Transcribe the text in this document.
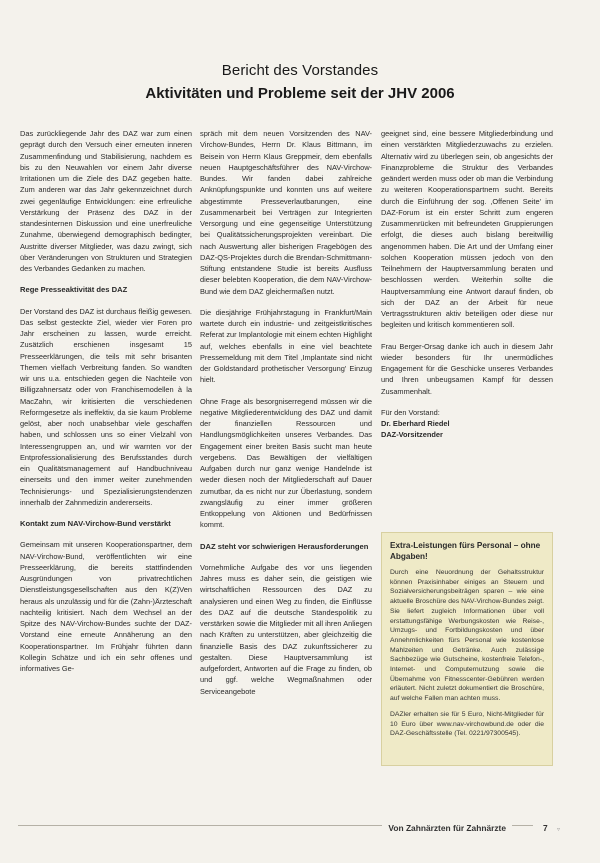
Bericht des Vorstandes
Aktivitäten und Probleme seit der JHV 2006

Das zurückliegende Jahr des DAZ war zum einen geprägt durch den Versuch einer erneuten inneren Zusammenfindung und Stabilisierung, nachdem es bis zu den Neuwahlen vor einem Jahr diverse Irritationen um die Ziele des DAZ gegeben hatte. Zum anderen war das Jahr gekennzeichnet durch zwei gegenläufige Entwicklungen: eine erfreuliche Verstärkung der Präsenz des DAZ in der standesinternen Diskussion und eine unerfreuliche Zunahme, überwiegend demographisch bedingter, Austritte diverser Mitglieder, was dazu zwingt, sich über Veränderungen von Strukturen und Strategien des Verbandes Gedanken zu machen.

Rege Presseaktivität des DAZ

Der Vorstand des DAZ ist durchaus fleißig gewesen. Das selbst gesteckte Ziel, wieder vier Foren pro Jahr erscheinen zu lassen, wurde erreicht. Zusätzlich erschienen insgesamt 15 Presseerklärungen, die teils mit sehr brisanten Themen vielfach Verbreitung fanden. So wandten wir uns u.a. entschieden gegen die Nachteile von Billigzahnersatz oder von Franchisemodellen à la MacZahn, wir kritisierten die verschiedenen Reformgesetze als ineffektiv, da sie kaum Probleme gelöst, aber noch unabsehbar viele geschaffen haben, und schlossen uns so einer Vielzahl von Interessengruppen an, und wir warnten vor der Entprofessionalisierung des Berufsstandes durch ein Qualitätsmanagement auf Handbuchniveau einerseits und den immer weiter zunehmenden Technisierungs- und Spezialisierungstendenzen innerhalb der Zahnmedizin andererseits.

Kontakt zum NAV-Virchow-Bund verstärkt

Gemeinsam mit unseren Kooperationspartner, dem NAV-Virchow-Bund, veröffentlichten wir eine Presseerklärung, die bereits stattfindenden Ausgründungen von privatrechtlichen Dienstleistungsgesellschaften aus den K(Z)Ven heraus als unzulässig und für die (Zahn-)Ärzteschaft nachteilig kritisiert. Nach dem Wechsel an der Spitze des NAV-Virchow-Bundes suchte der DAZ-Vorstand eine erneute Annäherung an den Kooperationspartner. Im Frühjahr führten dann Kollegin Schätze und ich ein sehr offenes und informatives Ge-

spräch mit dem neuen Vorsitzenden des NAV-Virchow-Bundes, Herrn Dr. Klaus Bittmann, im Beisein von Herrn Klaus Greppmeir, dem ebenfalls neuen Hauptgeschäftsführer des NAV-Virchow-Bundes. Wir fanden dabei zahlreiche Anknüpfungspunkte und konnten uns auf weitere abgestimmte Presseverlautbarungen, eine Zusammenarbeit bei Verträgen zur Integrierten Versorgung und eine gegenseitige Unterstützung bei Qualitätssicherungsprojekten vereinbart. Die nach Auswertung aller bisherigen Fragebögen des DAZ-QS-Projektes durch die Brendan-Schmittmann-Stiftung entstandene Studie ist bereits Ausfluss dieser belebten Kooperation, die dem NAV-Virchow-Bund wie dem DAZ gleichermaßen nutzt.

Die diesjährige Frühjahrstagung in Frankfurt/Main wartete durch ein industrie- und zeitgeistkritisches Referat zur Implantologie mit einem echten Highlight auf, welches ebenfalls in eine viel beachtete Pressemeldung mit dem Titel ‚Implantate sind nicht der Goldstandard prothetischer Versorgung' Einzug hielt.

Ohne Frage als besorgniserregend müssen wir die negative Mitgliederentwicklung des DAZ und damit der finanziellen Ressourcen und Handlungsmöglichkeiten unseres Verbandes. Das Engagement einer breiten Basis sucht man heute vergebens. Das Bewältigen der vielfältigen Aufgaben durch nur ganz wenige Handelnde ist weder diesen noch der Mitgliederschaft auf Dauer zumutbar, da es nicht nur zur Überlastung, sondern zwangsläufig zu einer immer größeren Entkoppelung von Aktionen und Bedürfnissen kommt.

DAZ steht vor schwierigen Herausforderungen

Vornehmliche Aufgabe des vor uns liegenden Jahres muss es daher sein, die geistigen wie wirtschaftlichen Ressourcen des DAZ zu analysieren und einen Weg zu finden, die Einflüsse des DAZ auf die deutsche Standespolitik zu verstärken sowie die Mitglieder mit all ihren Anliegen nach Kräften zu unterstützen, aber gleichzeitig die finanzielle Basis des DAZ zukunftssicherer zu gestalten. Diese Hauptversammlung ist aufgefordert, Antworten auf die Frage zu finden, ob und ggf. welche Wegmaßnahmen oder Serviceangebote

geeignet sind, eine bessere Mitgliederbindung und einen verstärkten Mitgliederzuwachs zu erzielen. Alternativ wird zu überlegen sein, ob angesichts der Finanzprobleme die Struktur des Verbandes geändert werden muss oder ob man die Verbindung zu weiteren Kooperationspartnern sucht. Bereits durch die Einführung der sog. ‚Offenen Seite' im DAZ-Forum ist ein erster Schritt zum engeren Zusammenrücken mit befreundeten Gruppierungen erfolgt, die dieses auch bislang bereitwillig angenommen haben. Die Art und der Umfang einer solchen Kooperation müssen jedoch von den Teilnehmern der Hauptversammlung beraten und beschlossen werden. Weiterhin sollte die Hauptversammlung eine Antwort darauf finden, ob sich der DAZ an der Arbeit für neue Vertragsstrukturen aktiv beteiligen oder diese nur begleiten und kritisch kommentieren soll.

Frau Berger-Orsag danke ich auch in diesem Jahr wieder besonders für Ihr unermüdliches Engagement für die Geschicke unseres Verbandes und Ihren unbeugsamen Kampf für dessen Zusammenhalt.

Für den Vorstand:
Dr. Eberhard Riedel
DAZ-Vorsitzender
Extra-Leistungen fürs Personal – ohne Abgaben!

Durch eine Neuordnung der Gehaltsstruktur können Praxisinhaber einiges an Steuern und Sozialversicherungsbeiträgen sparen – wie eine aktuelle Broschüre des NAV-Virchow-Bundes zeigt. Sie liefert zugleich Informationen über voll erstattungsfähige Werbungskosten wie Reise-, Umzugs- und Fortbildungskosten und über Annehmlichkeiten fürs Personal wie kostenlose Mahlzeiten und Getränke. Auch zulässige Sachbezüge wie Gutscheine, kostenfreie Telefon-, Internet- und Computernutzung sowie die Übernahme von Fitnesscenter-Gebühren werden erläutert. Nicht zuletzt dokumentiert die Broschüre, auf welche Fallen man achten muss.

DAZler erhalten sie für 5 Euro, Nicht-Mitglieder für 10 Euro über www.nav-virchowbund.de oder die DAZ-Geschäftsstelle (Tel. 0221/97300545).

Von Zahnärzten für Zahnärzte	7 ▿
